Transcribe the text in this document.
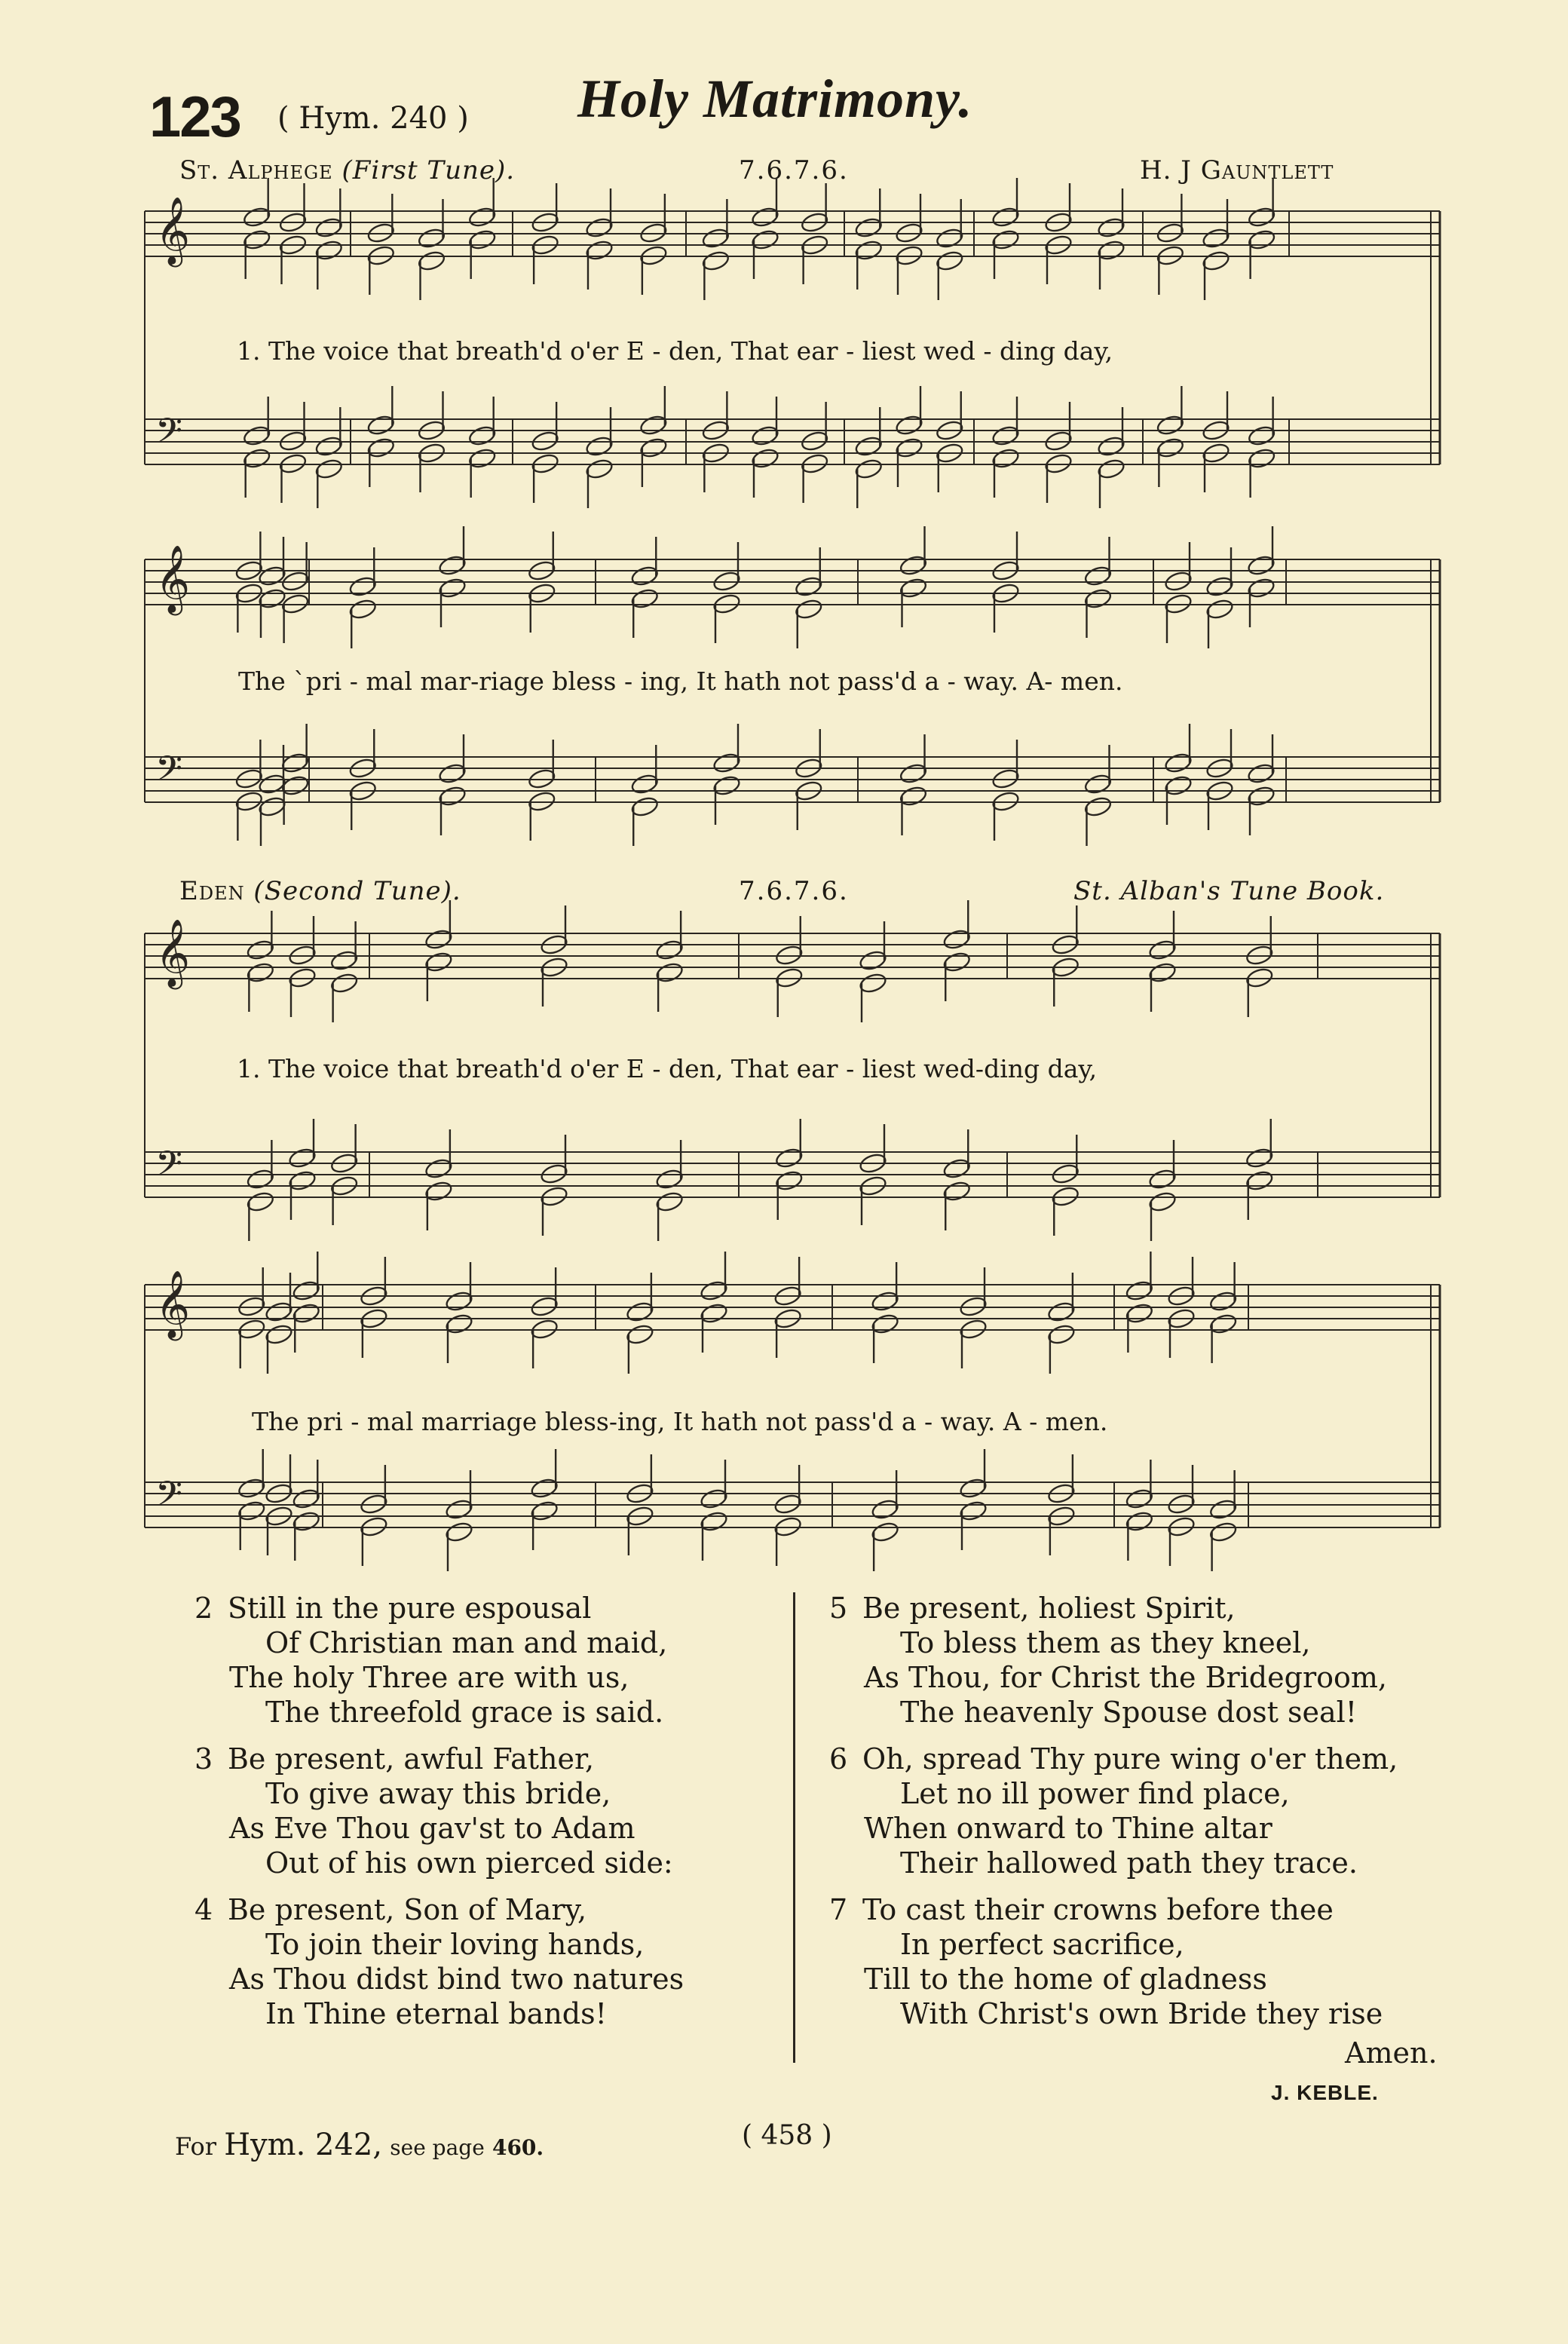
123 ( Hym. 240 ) Holy Matrimony.
St. Alphege (First Tune).	7.6.7.6.	H. J Gauntlett
Eden (Second Tune).	7.6.7.6.	St. Alban's Tune Book.
𝄞
𝄢
𝄞
𝄢
𝄞
𝄢
𝄞
𝄢
1. The voice that breath'd o'er E - den, That ear - liest wed - ding day,
The `pri - mal mar-riage bless - ing, It hath not pass'd a - way. A- men.
1. The voice that breath'd o'er E - den, That ear - liest wed-ding day,
The pri - mal marriage bless-ing, It hath not pass'd a - way. A - men.
2 Still in the pure espousal
Of Christian man and maid,
The holy Three are with us,
The threefold grace is said.
3 Be present, awful Father,
To give away this bride,
As Eve Thou gav'st to Adam
Out of his own pierced side:
4 Be present, Son of Mary,
To join their loving hands,
As Thou didst bind two natures
In Thine eternal bands!
5 Be present, holiest Spirit,
To bless them as they kneel,
As Thou, for Christ the Bridegroom,
The heavenly Spouse dost seal!
6 Oh, spread Thy pure wing o'er them,
Let no ill power find place,
When onward to Thine altar
Their hallowed path they trace.
7 To cast their crowns before thee
In perfect sacrifice,
Till to the home of gladness
With Christ's own Bride they rise
Amen.
J. KEBLE.
For Hym. 242, see page 460.	( 458 )
